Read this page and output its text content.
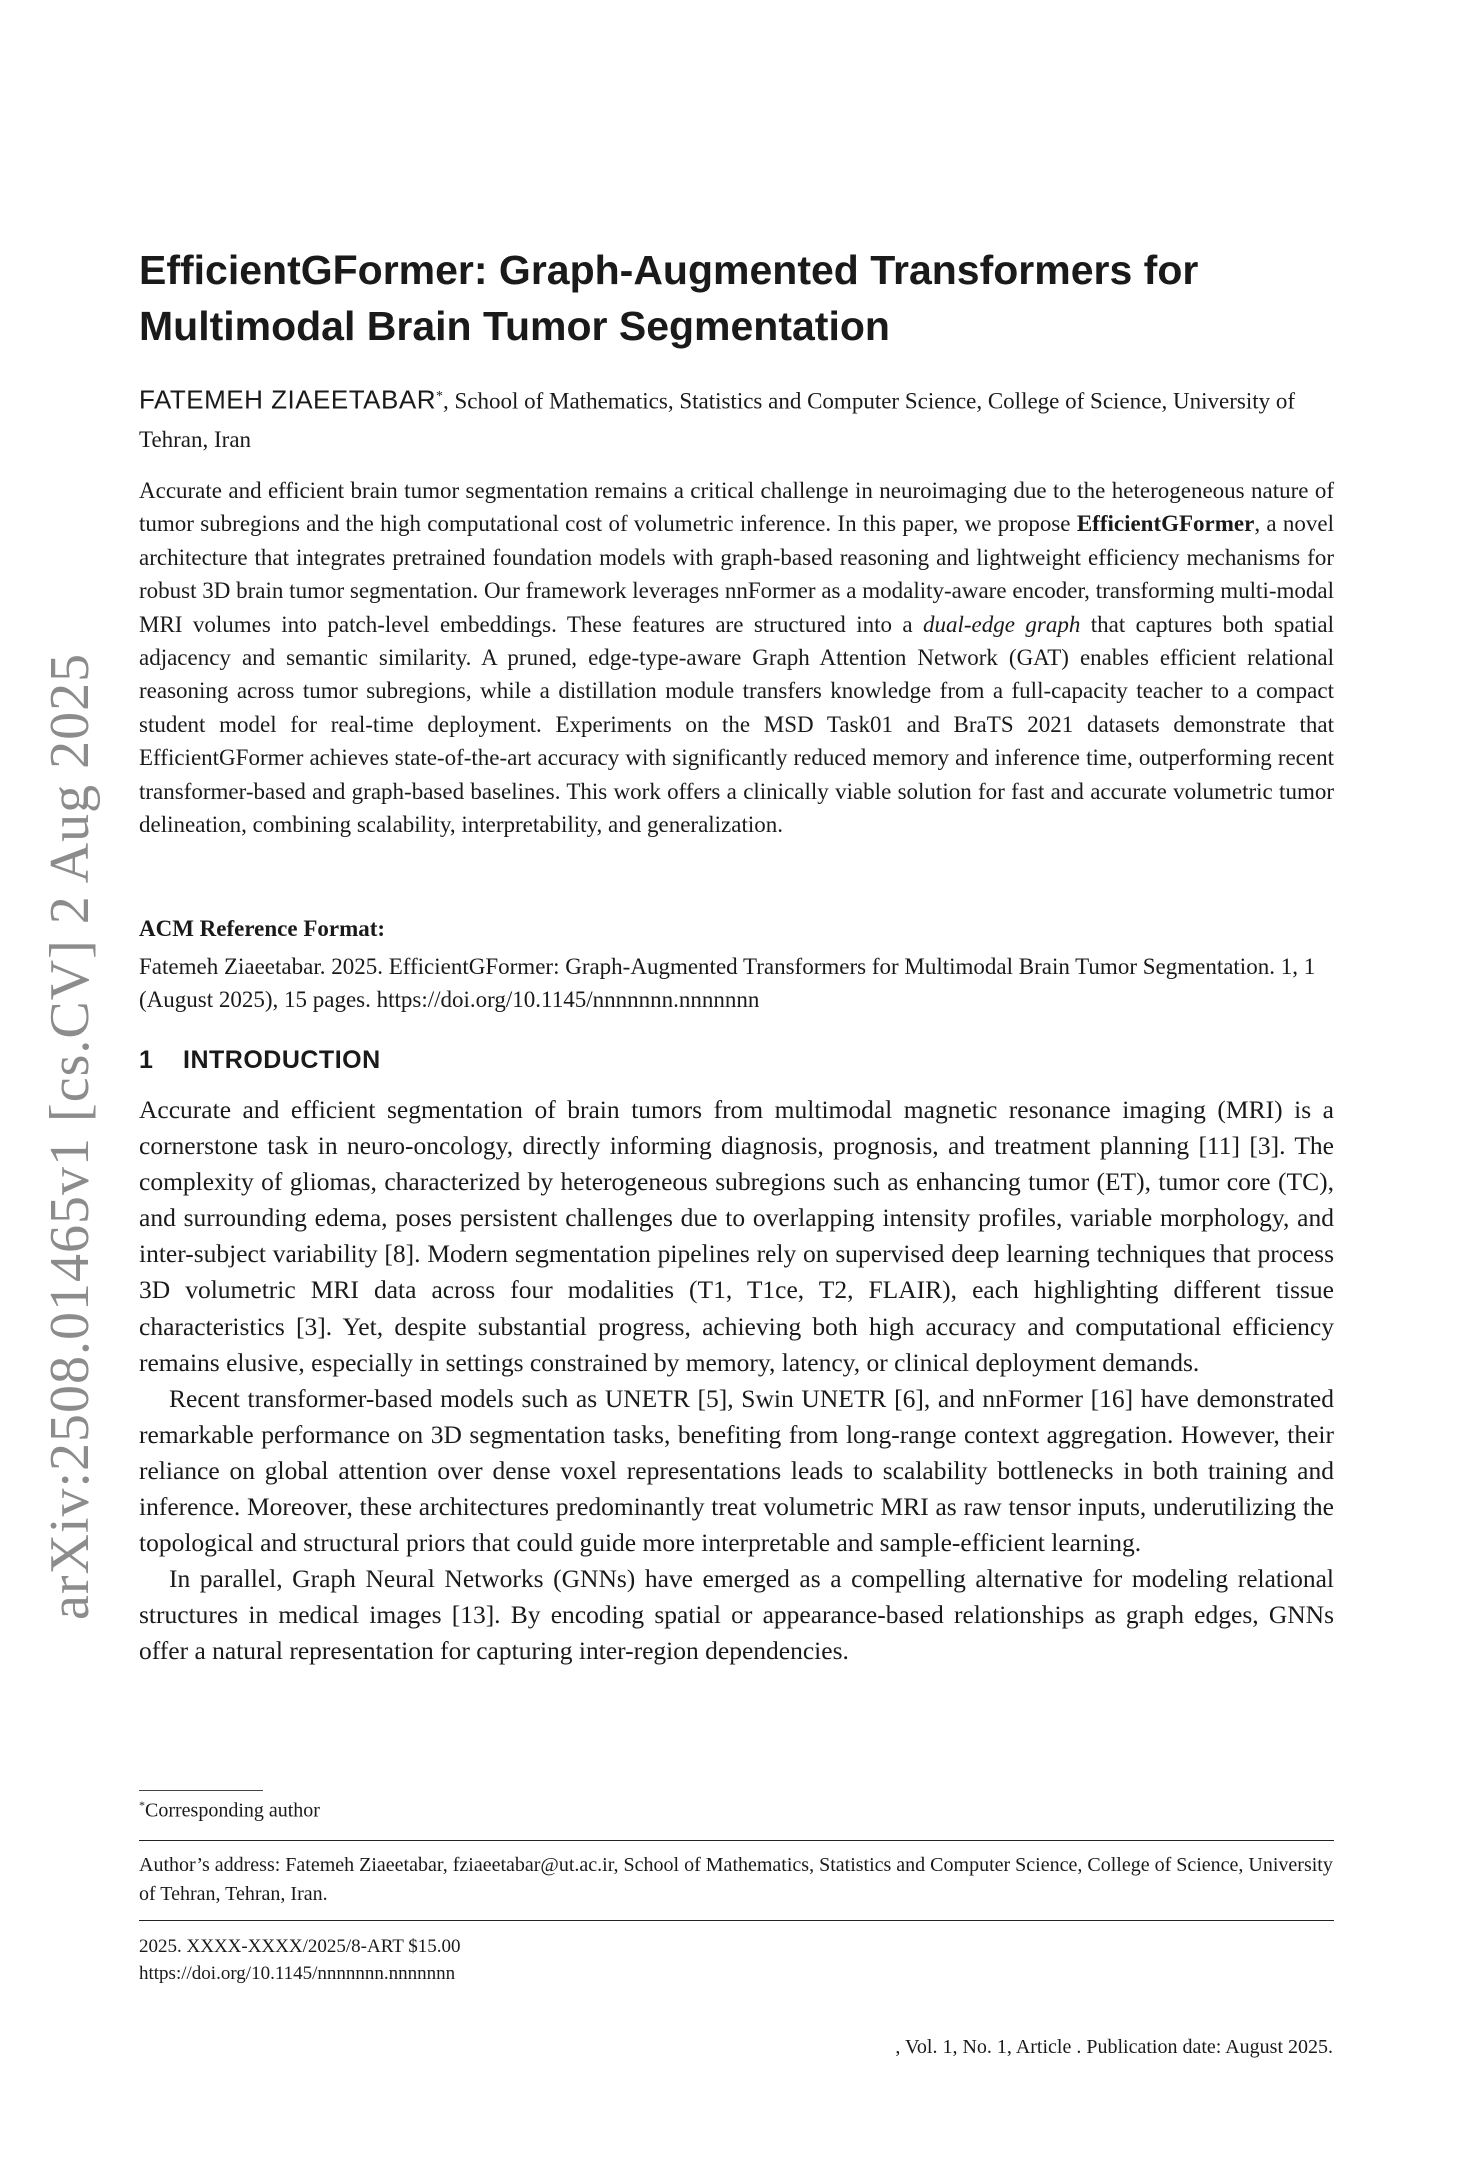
arXiv:2508.01465v1 [cs.CV] 2 Aug 2025
EfficientGFormer: Graph-Augmented Transformers for Multimodal Brain Tumor Segmentation
FATEMEH ZIAEETABAR*, School of Mathematics, Statistics and Computer Science, College of Science, University of Tehran, Iran

Accurate and efficient brain tumor segmentation remains a critical challenge in neuroimaging due to the heterogeneous nature of tumor subregions and the high computational cost of volumetric inference. In this paper, we propose EfficientGFormer, a novel architecture that integrates pretrained foundation models with graph-based reasoning and lightweight efficiency mechanisms for robust 3D brain tumor segmentation. Our framework leverages nnFormer as a modality-aware encoder, transforming multi-modal MRI volumes into patch-level embeddings. These features are structured into a dual-edge graph that captures both spatial adjacency and semantic similarity. A pruned, edge-type-aware Graph Attention Network (GAT) enables efficient relational reasoning across tumor subregions, while a distillation module transfers knowledge from a full-capacity teacher to a compact student model for real-time deployment. Experiments on the MSD Task01 and BraTS 2021 datasets demonstrate that EfficientGFormer achieves state-of-the-art accuracy with significantly reduced memory and inference time, outperforming recent transformer-based and graph-based baselines. This work offers a clinically viable solution for fast and accurate volumetric tumor delineation, combining scalability, interpretability, and generalization.

ACM Reference Format:

Fatemeh Ziaeetabar. 2025. EfficientGFormer: Graph-Augmented Transformers for Multimodal Brain Tumor Segmentation. 1, 1 (August 2025), 15 pages. https://doi.org/10.1145/nnnnnnn.nnnnnnn

1 INTRODUCTION

Accurate and efficient segmentation of brain tumors from multimodal magnetic resonance imaging (MRI) is a cornerstone task in neuro-oncology, directly informing diagnosis, prognosis, and treatment planning [11] [3]. The complexity of gliomas, characterized by heterogeneous subregions such as enhancing tumor (ET), tumor core (TC), and surrounding edema, poses persistent challenges due to overlapping intensity profiles, variable morphology, and inter-subject variability [8]. Modern segmentation pipelines rely on supervised deep learning techniques that process 3D volumetric MRI data across four modalities (T1, T1ce, T2, FLAIR), each highlighting different tissue characteristics [3]. Yet, despite substantial progress, achieving both high accuracy and computational efficiency remains elusive, especially in settings constrained by memory, latency, or clinical deployment demands.

Recent transformer-based models such as UNETR [5], Swin UNETR [6], and nnFormer [16] have demonstrated remarkable performance on 3D segmentation tasks, benefiting from long-range context aggregation. However, their reliance on global attention over dense voxel representations leads to scalability bottlenecks in both training and inference. Moreover, these architectures predominantly treat volumetric MRI as raw tensor inputs, underutilizing the topological and structural priors that could guide more interpretable and sample-efficient learning.

In parallel, Graph Neural Networks (GNNs) have emerged as a compelling alternative for modeling relational structures in medical images [13]. By encoding spatial or appearance-based relationships as graph edges, GNNs offer a natural representation for capturing inter-region dependencies.

*Corresponding author

Author’s address: Fatemeh Ziaeetabar, fziaeetabar@ut.ac.ir, School of Mathematics, Statistics and Computer Science, College of Science, University of Tehran, Tehran, Iran.

2025. XXXX-XXXX/2025/8-ART $15.00
https://doi.org/10.1145/nnnnnnn.nnnnnnn
, Vol. 1, No. 1, Article . Publication date: August 2025.
